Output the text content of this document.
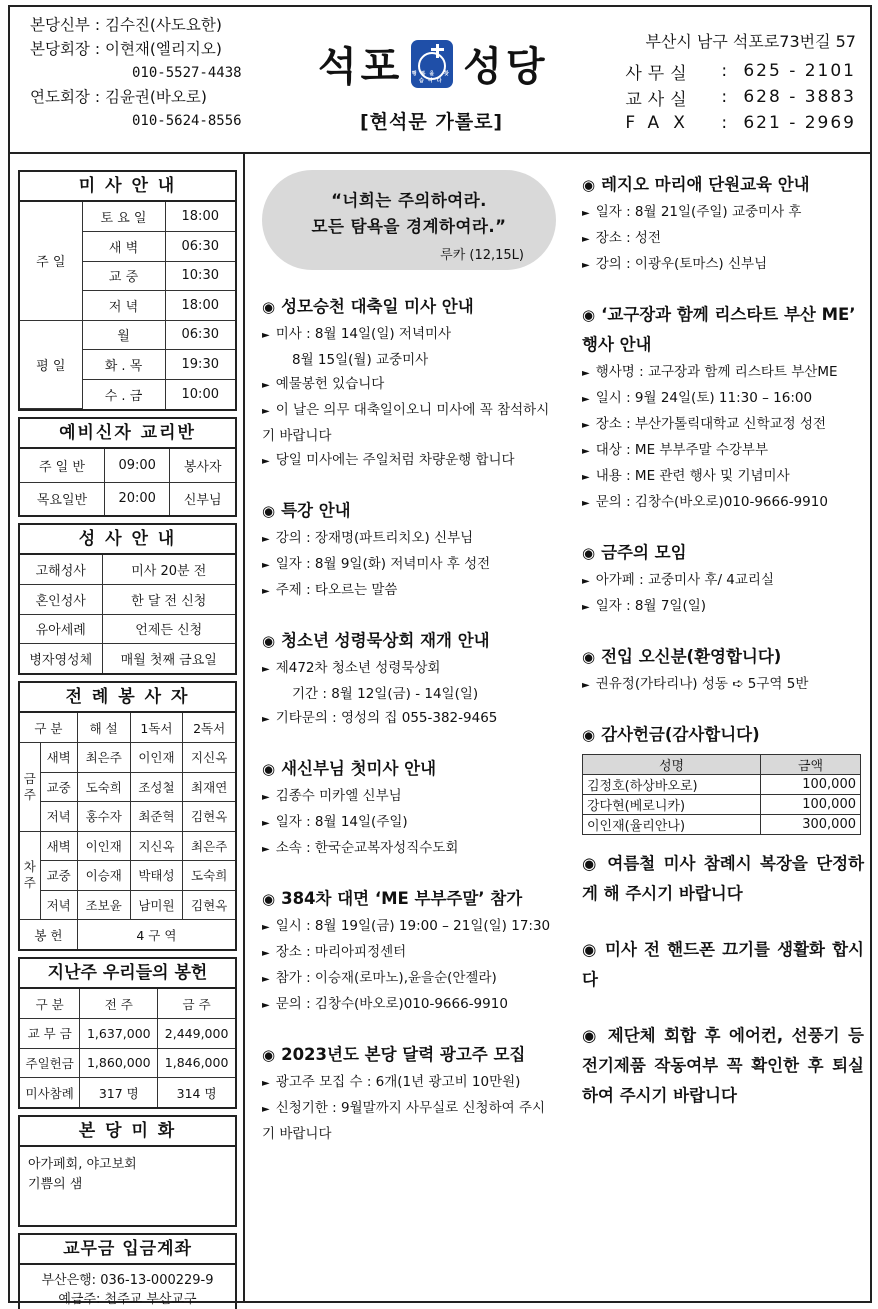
본당신부 : 김수진(사도요한)
본당회장 : 이현재(엘리지오)
010-5527-4438
연도회장 : 김윤권(바오로)
010-5624-8556
석포 행복을 찾습니다 성당
[현석문 가롤로]
부산시 남구 석포로73번길 57
사무실	: 625 - 2101
교사실	: 628 - 3883
FAX	: 621 - 2969
미 사 안 내
주 일	토 요 일	18:00
	새 벽	06:30
	교 중	10:30
	저 녁	18:00
평 일	월	06:30
	화 . 목	19:30
	수 . 금	10:00
예비신자 교리반
주 일 반	09:00	봉사자
목요일반	20:00	신부님
성 사 안 내
고해성사	미사 20분 전
혼인성사	한 달 전 신청
유아세례	언제든 신청
병자영성체	매월 첫째 금요일
전 례 봉 사 자
구 분		해 설	1독서	2독서
금주	새벽	최은주	이인재	지신옥
	교중	도숙희	조성철	최재연
	저녁	홍수자	최준혁	김현옥
차주	새벽	이인재	지신옥	최은주
	교중	이승재	박태성	도숙희
	저녁	조보윤	남미원	김현옥
봉 헌		4 구 역		
지난주 우리들의 봉헌
구 분	전 주	금 주
교 무 금	1,637,000	2,449,000
주일헌금	1,860,000	1,846,000
미사참례	317 명	314 명
본 당 미 화
아가페회, 야고보회
기쁨의 샘
교무금 입금계좌
부산은행: 036-13-000229-9
예금주: 천주교 부산교구
“너희는 주의하여라.
모든 탐욕을 경계하여라.”
루카 (12,15L)
◉ 성모승천 대축일 미사 안내
► 미사 : 8월 14일(일) 저녁미사
8월 15일(월) 교중미사
► 예물봉헌 있습니다
► 이 날은 의무 대축일이오니 미사에 꼭 참석하시기 바랍니다
► 당일 미사에는 주일처럼 차량운행 합니다
◉ 특강 안내
► 강의 : 장재명(파트리치오) 신부님
► 일자 : 8월 9일(화) 저녁미사 후 성전
► 주제 : 타오르는 말씀
◉ 청소년 성령묵상회 재개 안내
► 제472차 청소년 성령묵상회
기간 : 8월 12일(금) - 14일(일)
► 기타문의 : 영성의 집 055-382-9465
◉ 새신부님 첫미사 안내
► 김종수 미카엘 신부님
► 일자 : 8월 14일(주일)
► 소속 : 한국순교복자성직수도회
◉ 384차 대면 ‘ME 부부주말’ 참가
► 일시 : 8월 19일(금) 19:00 – 21일(일) 17:30
► 장소 : 마리아피정센터
► 참가 : 이승재(로마노),윤을순(안젤라)
► 문의 : 김창수(바오로)010-9666-9910
◉ 2023년도 본당 달력 광고주 모집
► 광고주 모집 수 : 6개(1년 광고비 10만원)
► 신청기한 : 9월말까지 사무실로 신청하여 주시기 바랍니다
◉ 레지오 마리애 단원교육 안내
► 일자 : 8월 21일(주일) 교중미사 후
► 장소 : 성전
► 강의 : 이광우(토마스) 신부님
◉ ‘교구장과 함께 리스타트 부산 ME’ 행사 안내
► 행사명 : 교구장과 함께 리스타트 부산ME
► 일시 : 9월 24일(토) 11:30 – 16:00
► 장소 : 부산가톨릭대학교 신학교정 성전
► 대상 : ME 부부주말 수강부부
► 내용 : ME 관련 행사 및 기념미사
► 문의 : 김창수(바오로)010-9666-9910
◉ 금주의 모임
► 아가페 : 교중미사 후/ 4교리실
► 일자 : 8월 7일(일)
◉ 전입 오신분(환영합니다)
► 권유정(가타리나) 성동 ➪ 5구역 5반
◉ 감사헌금(감사합니다)
성명	금액
김정호(하상바오로)	100,000
강다현(베로니카)	100,000
이인재(율리안나)	300,000
◉ 여름철 미사 참례시 복장을 단정하게 해 주시기 바랍니다
◉ 미사 전 핸드폰 끄기를 생활화 합시다
◉ 제단체 회합 후 에어컨, 선풍기 등 전기제품 작동여부 꼭 확인한 후 퇴실하여 주시기 바랍니다
